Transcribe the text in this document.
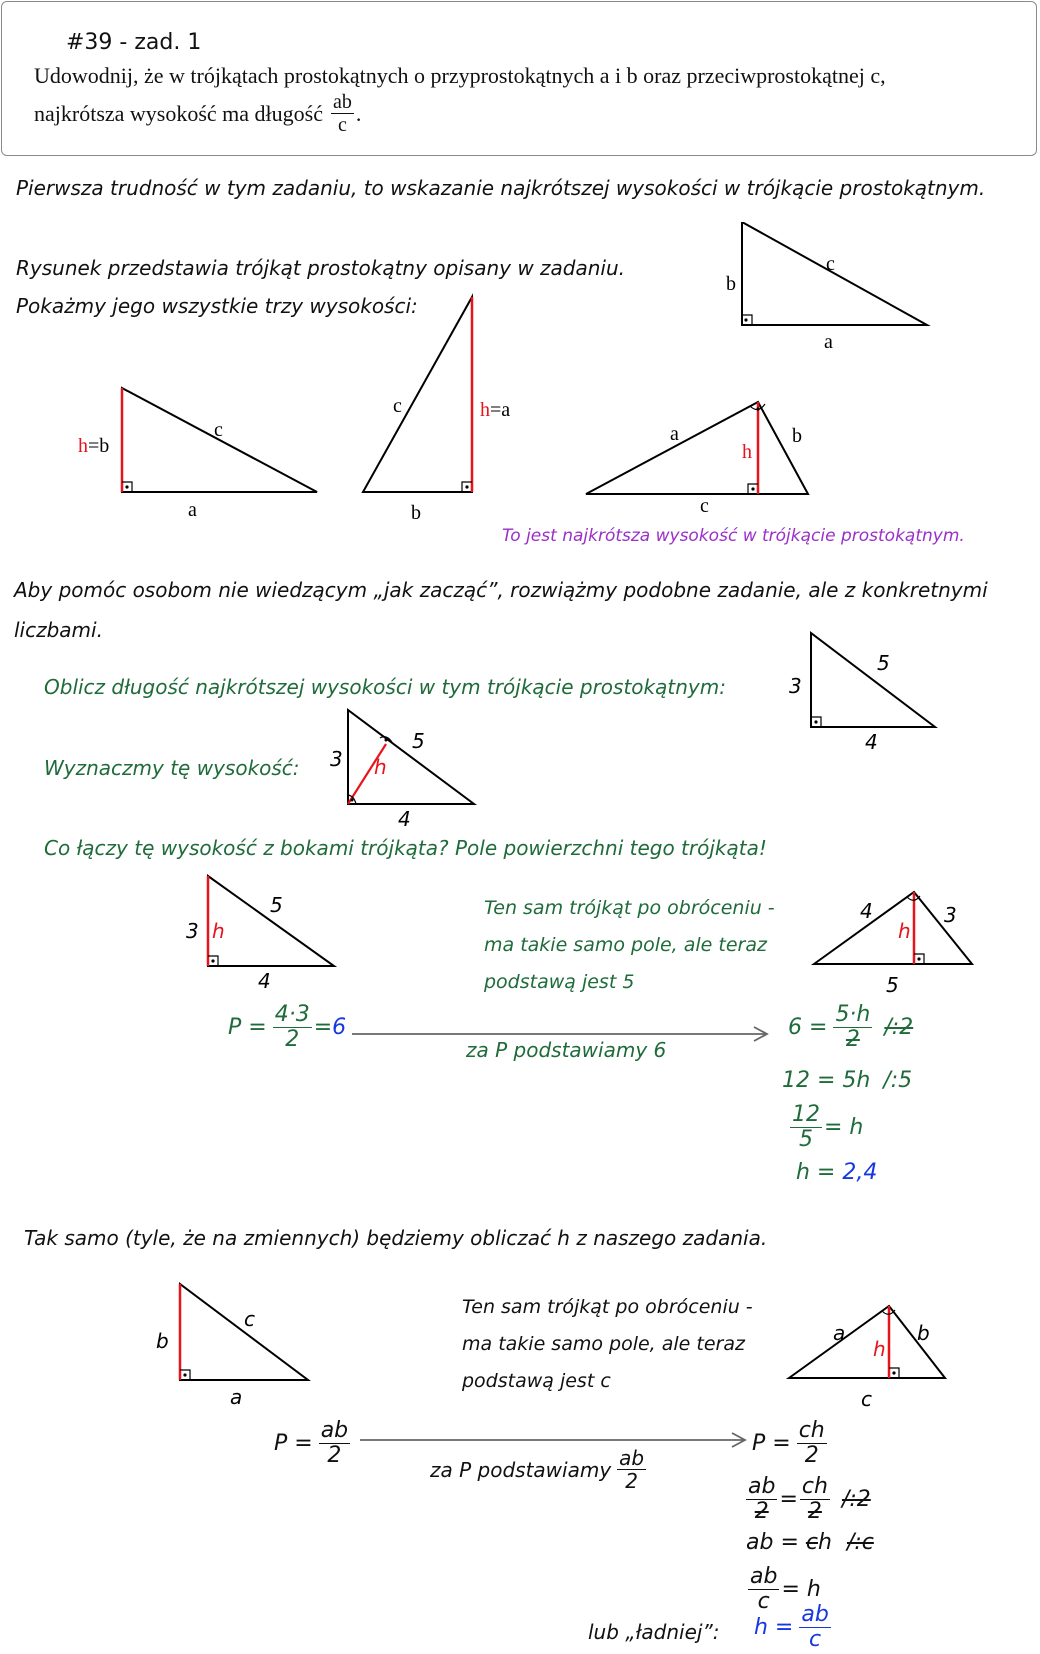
#39 - zad. 1
Udowodnij, że w trójkątach prostokątnych o przyprostokątnych a i b oraz przeciwprostokątnej c,
najkrótsza wysokość ma długość $\frac{ab}{c}$ .
Pierwsza trudność w tym zadaniu, to wskazanie najkrótszej wysokości w trójkącie prostokątnym.
Rysunek przedstawia trójkąt prostokątny opisany w zadaniu.
Pokażmy jego wszystkie trzy wysokości:
b
c
a
h=b
c
a
c	h=a
b
a	b
h
c
To jest najkrótsza wysokość w trójkącie prostokątnym.
Aby pomóc osobom nie wiedzącym „jak zacząć”, rozwiążmy podobne zadanie, ale z konkretnymi
liczbami.
Oblicz długość najkrótszej wysokości w tym trójkącie prostokątnym:	3
5
4
Wyznaczmy tę wysokość: 3
5
h
4
Co łączy tę wysokość z bokami trójkąta? Pole powierzchni tego trójkąta!
3 h
5
4
Ten sam trójkąt po obróceniu -
ma takie samo pole, ale teraz
podstawą jest 5
4	3
h
5
$P = \frac{4\cdot 3}{2} = 6$
za P podstawiamy 6
$6 = \frac{5\cdot h}{2}$ /:2
12 = 5h /:5
$\frac{12}{5} = h$
h = 2,4
Tak samo (tyle, że na zmiennych) będziemy obliczać h z naszego zadania.
b
c
a
Ten sam trójkąt po obróceniu -
ma takie samo pole, ale teraz
podstawą jest c
a	b
h
c
$P = \frac{ab}{2}$
za P podstawiamy $\frac{ab}{2}$
$P = \frac{ch}{2}$
$\frac{ab}{2} = \frac{ch}{2}$ /:2
ab = ch /:c
$\frac{ab}{c} = h$
lub „ładniej”: $h = \frac{ab}{c}$
